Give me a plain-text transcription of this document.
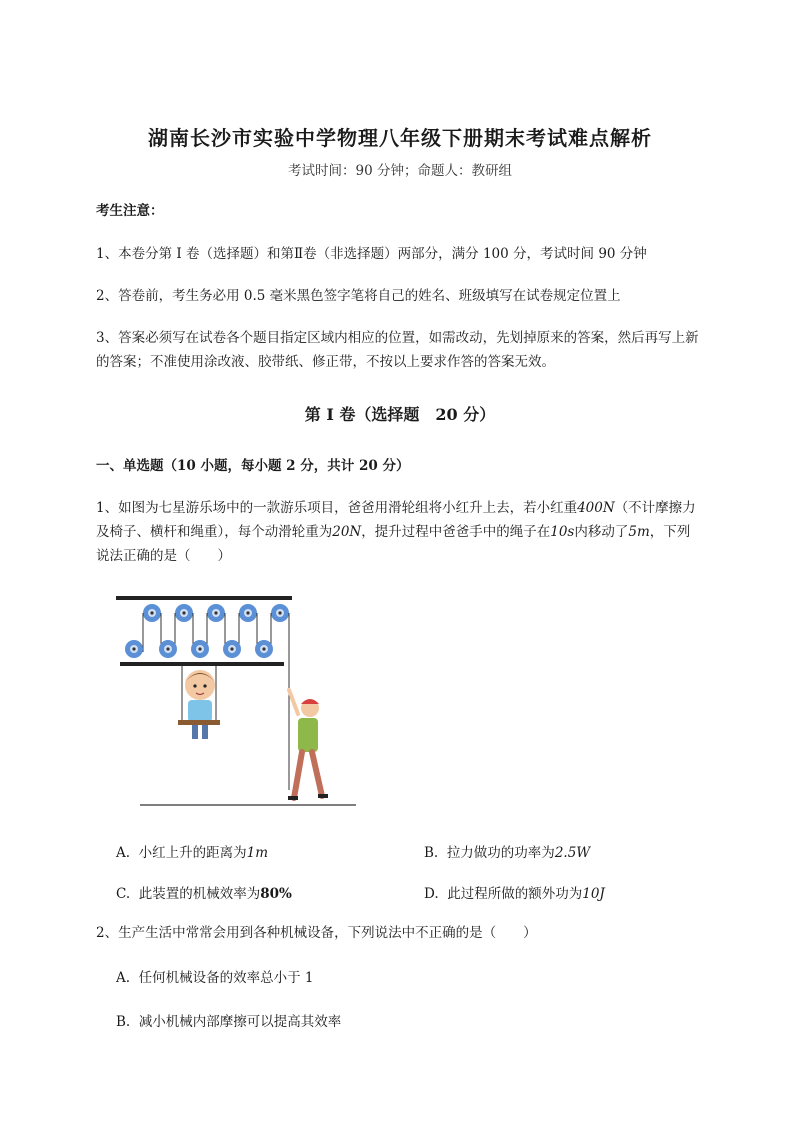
湖南长沙市实验中学物理八年级下册期末考试难点解析
考试时间：90 分钟；命题人：教研组
考生注意：
1、本卷分第 I 卷（选择题）和第Ⅱ卷（非选择题）两部分，满分 100 分，考试时间 90 分钟
2、答卷前，考生务必用 0.5 毫米黑色签字笔将自己的姓名、班级填写在试卷规定位置上
3、答案必须写在试卷各个题目指定区域内相应的位置，如需改动，先划掉原来的答案，然后再写上新
的答案；不准使用涂改液、胶带纸、修正带，不按以上要求作答的答案无效。
第 I 卷（选择题　20 分）
一、单选题（10 小题，每小题 2 分，共计 20 分）
1、如图为七星游乐场中的一款游乐项目，爸爸用滑轮组将小红升上去，若小红重400N（不计摩擦力
及椅子、横杆和绳重），每个动滑轮重为20N，提升过程中爸爸手中的绳子在10s内移动了5m，下列
说法正确的是（　　）
A. 小红上升的距离为1m	B. 拉力做功的功率为2.5W
C. 此装置的机械效率为80%	D. 此过程所做的额外功为10J
2、生产生活中常常会用到各种机械设备，下列说法中不正确的是（　　）
A. 任何机械设备的效率总小于 1
B. 减小机械内部摩擦可以提高其效率
